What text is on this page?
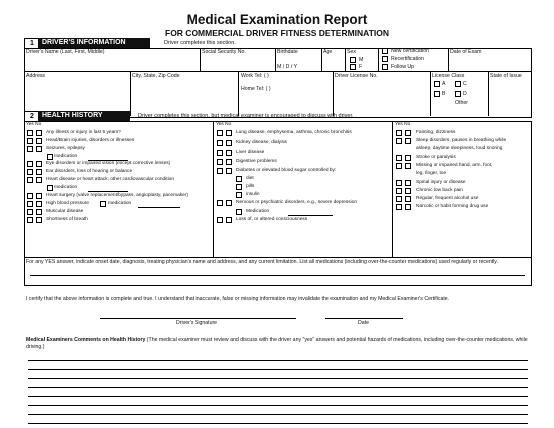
Medical Examination Report
FOR COMMERCIAL DRIVER FITNESS DETERMINATION
1	DRIVER'S INFORMATION	Driver completes this section.
Driver's Name (Last, First, Middle)	Social Security No.	Birthdate
M / D / Y
Age	Sex
M
F
New certification
Recertification
Follow Up
Date of Exam
Address	City, State, Zip Code	Work Tel: ( )
Home Tel: ( )
Driver License No.	License Class
A	C
B	D
Other
State of Issue
2	HEALTH HISTORY	Driver completes this section, but medical examiner is encouraged to discuss with driver.
Yes No	Yes No	Yes No
For any YES answer, indicate onset date, diagnosis, treating physician's name and address, and any current limitation. List all medications (including over-the-counter medications) used regularly or recently.
I certify that the above information is complete and true. I understand that inaccurate, false or missing information may invalidate the examination and my Medical Examiner's Certificate.
Driver's Signature	Date
Medical Examiners Comments on Health History (The medical examiner must review and discuss with the driver any "yes" answers and potential hazards of medications, including over-the-counter medications, while driving.)
Any illness or injury in last 5 years?
Head/Brain injuries, disorders or illnesses
Seizures, epilepsy
medication
Eye disorders or impaired vision (except corrective lenses)
Ear disorders, loss of hearing or balance
Heart disease or heart attack; other cardiovascular condition
medication
Heart surgery (valve replacement/bypass, angioplasty, pacemaker)
High blood pressure
Muscular disease
Shortness of breath
medication
Lung disease, emphysema, asthma, chronic bronchitis
Kidney disease, dialysis
Liver disease
Digestive problems
Diabetes or elevated blood sugar controlled by:
diet
pills
insulin
Nervous or psychiatric disorders, e.g., severe depression
Medication
Loss of, or altered consciousness
Fainting, dizziness
Sleep disorders, pauses in breathing while
asleep, daytime sleepiness, loud snoring
Stroke or paralysis
Missing or impaired hand, arm, foot,
leg, finger, toe
Spinal injury or disease
Chronic low back pain
Regular, frequent alcohol use
Narcotic or habit forming drug use
